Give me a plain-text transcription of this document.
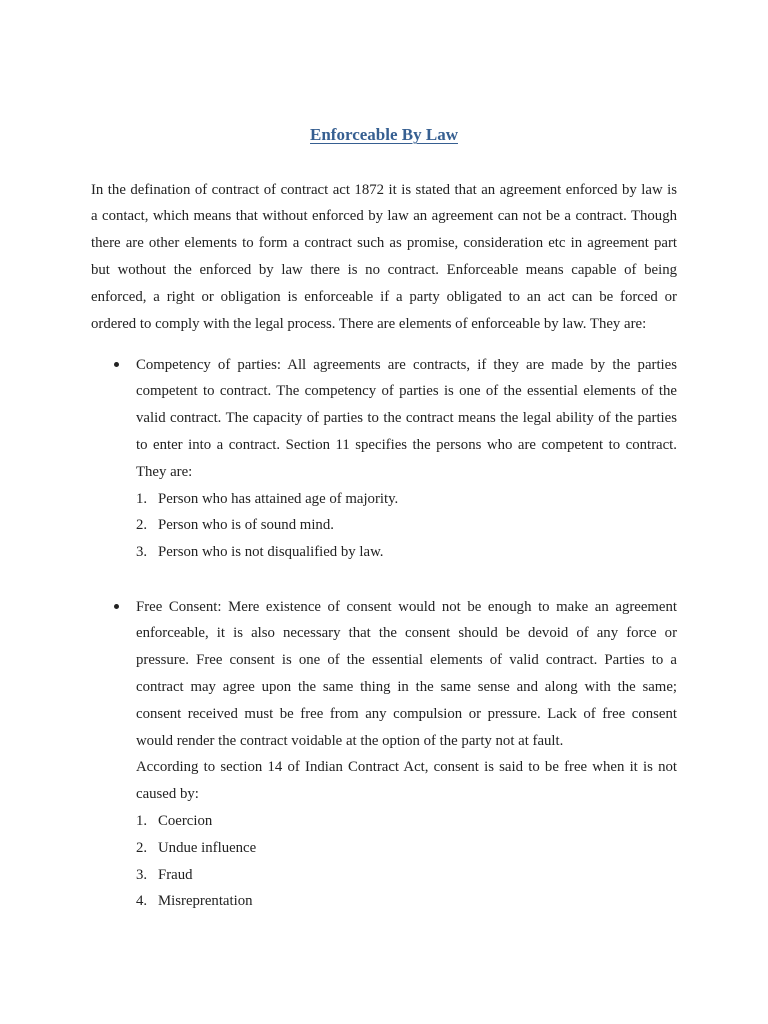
Enforceable By Law
In the defination of contract of contract act 1872 it is stated that an agreement enforced by law is
a contact, which means that without enforced by law an agreement can not be a contract. Though
there are other elements to form a contract such as promise, consideration etc in agreement part
but wothout the enforced by law there is no contract. Enforceable means capable of being
enforced, a right or obligation is enforceable if a party obligated to an act can be forced or
ordered to comply with the legal process. There are elements of enforceable by law. They are:
Competency of parties: All agreements are contracts, if they are made by the parties
competent to contract. The competency of parties is one of the essential elements of the
valid contract. The capacity of parties to the contract means the legal ability of the parties
to enter into a contract. Section 11 specifies the persons who are competent to contract.
They are:
1. Person who has attained age of majority.
2. Person who is of sound mind.
3. Person who is not disqualified by law.
Free Consent: Mere existence of consent would not be enough to make an agreement
enforceable, it is also necessary that the consent should be devoid of any force or
pressure. Free consent is one of the essential elements of valid contract. Parties to a
contract may agree upon the same thing in the same sense and along with the same;
consent received must be free from any compulsion or pressure. Lack of free consent
would render the contract voidable at the option of the party not at fault.
According to section 14 of Indian Contract Act, consent is said to be free when it is not
caused by:
1. Coercion
2. Undue influence
3. Fraud
4. Misreprentation
